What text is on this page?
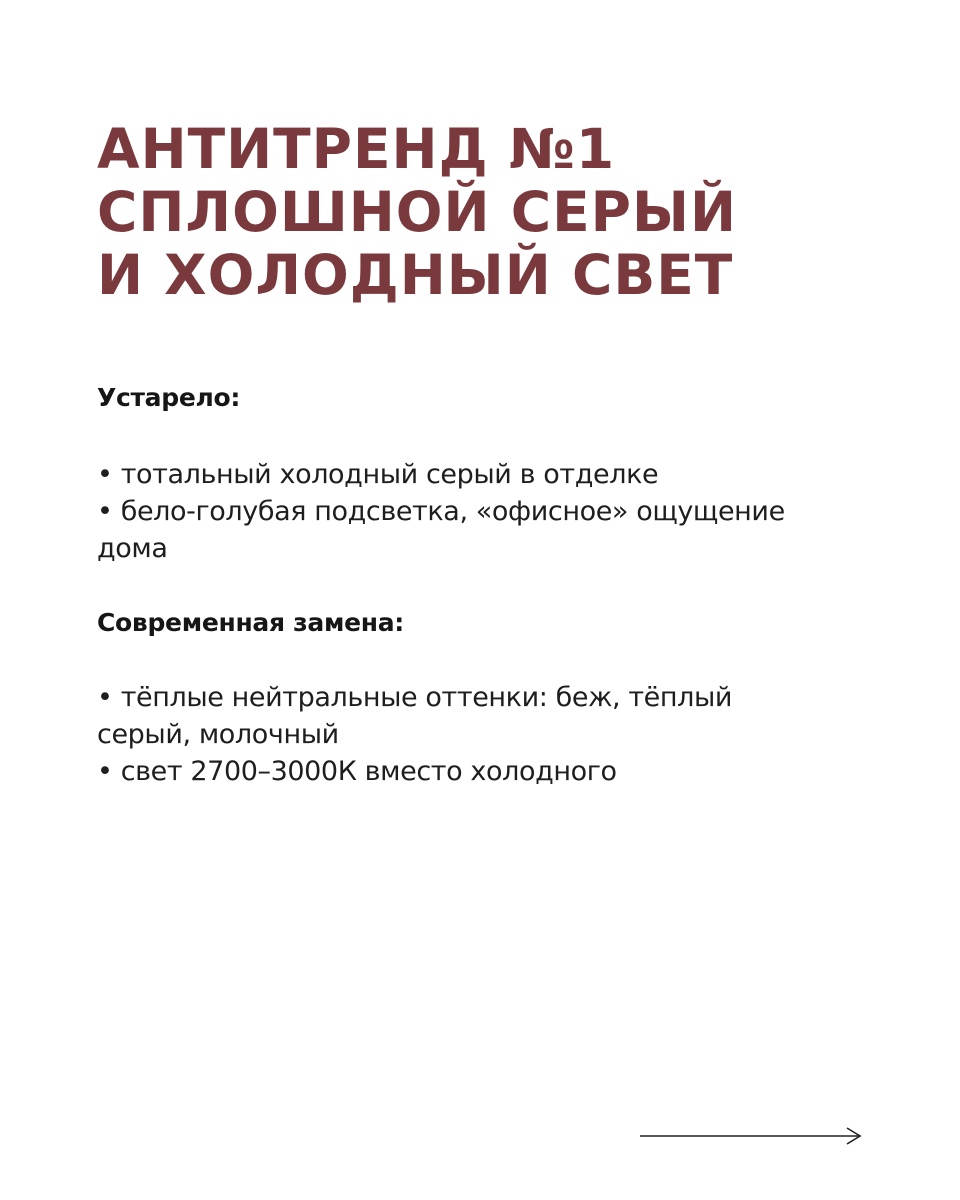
АНТИТРЕНД №1
СПЛОШНОЙ СЕРЫЙ
И ХОЛОДНЫЙ СВЕТ
Устарело:
• тотальный холодный серый в отделке
• бело-голубая подсветка, «офисное» ощущение
дома
Современная замена:
• тёплые нейтральные оттенки: беж, тёплый
серый, молочный
• свет 2700–3000К вместо холодного
